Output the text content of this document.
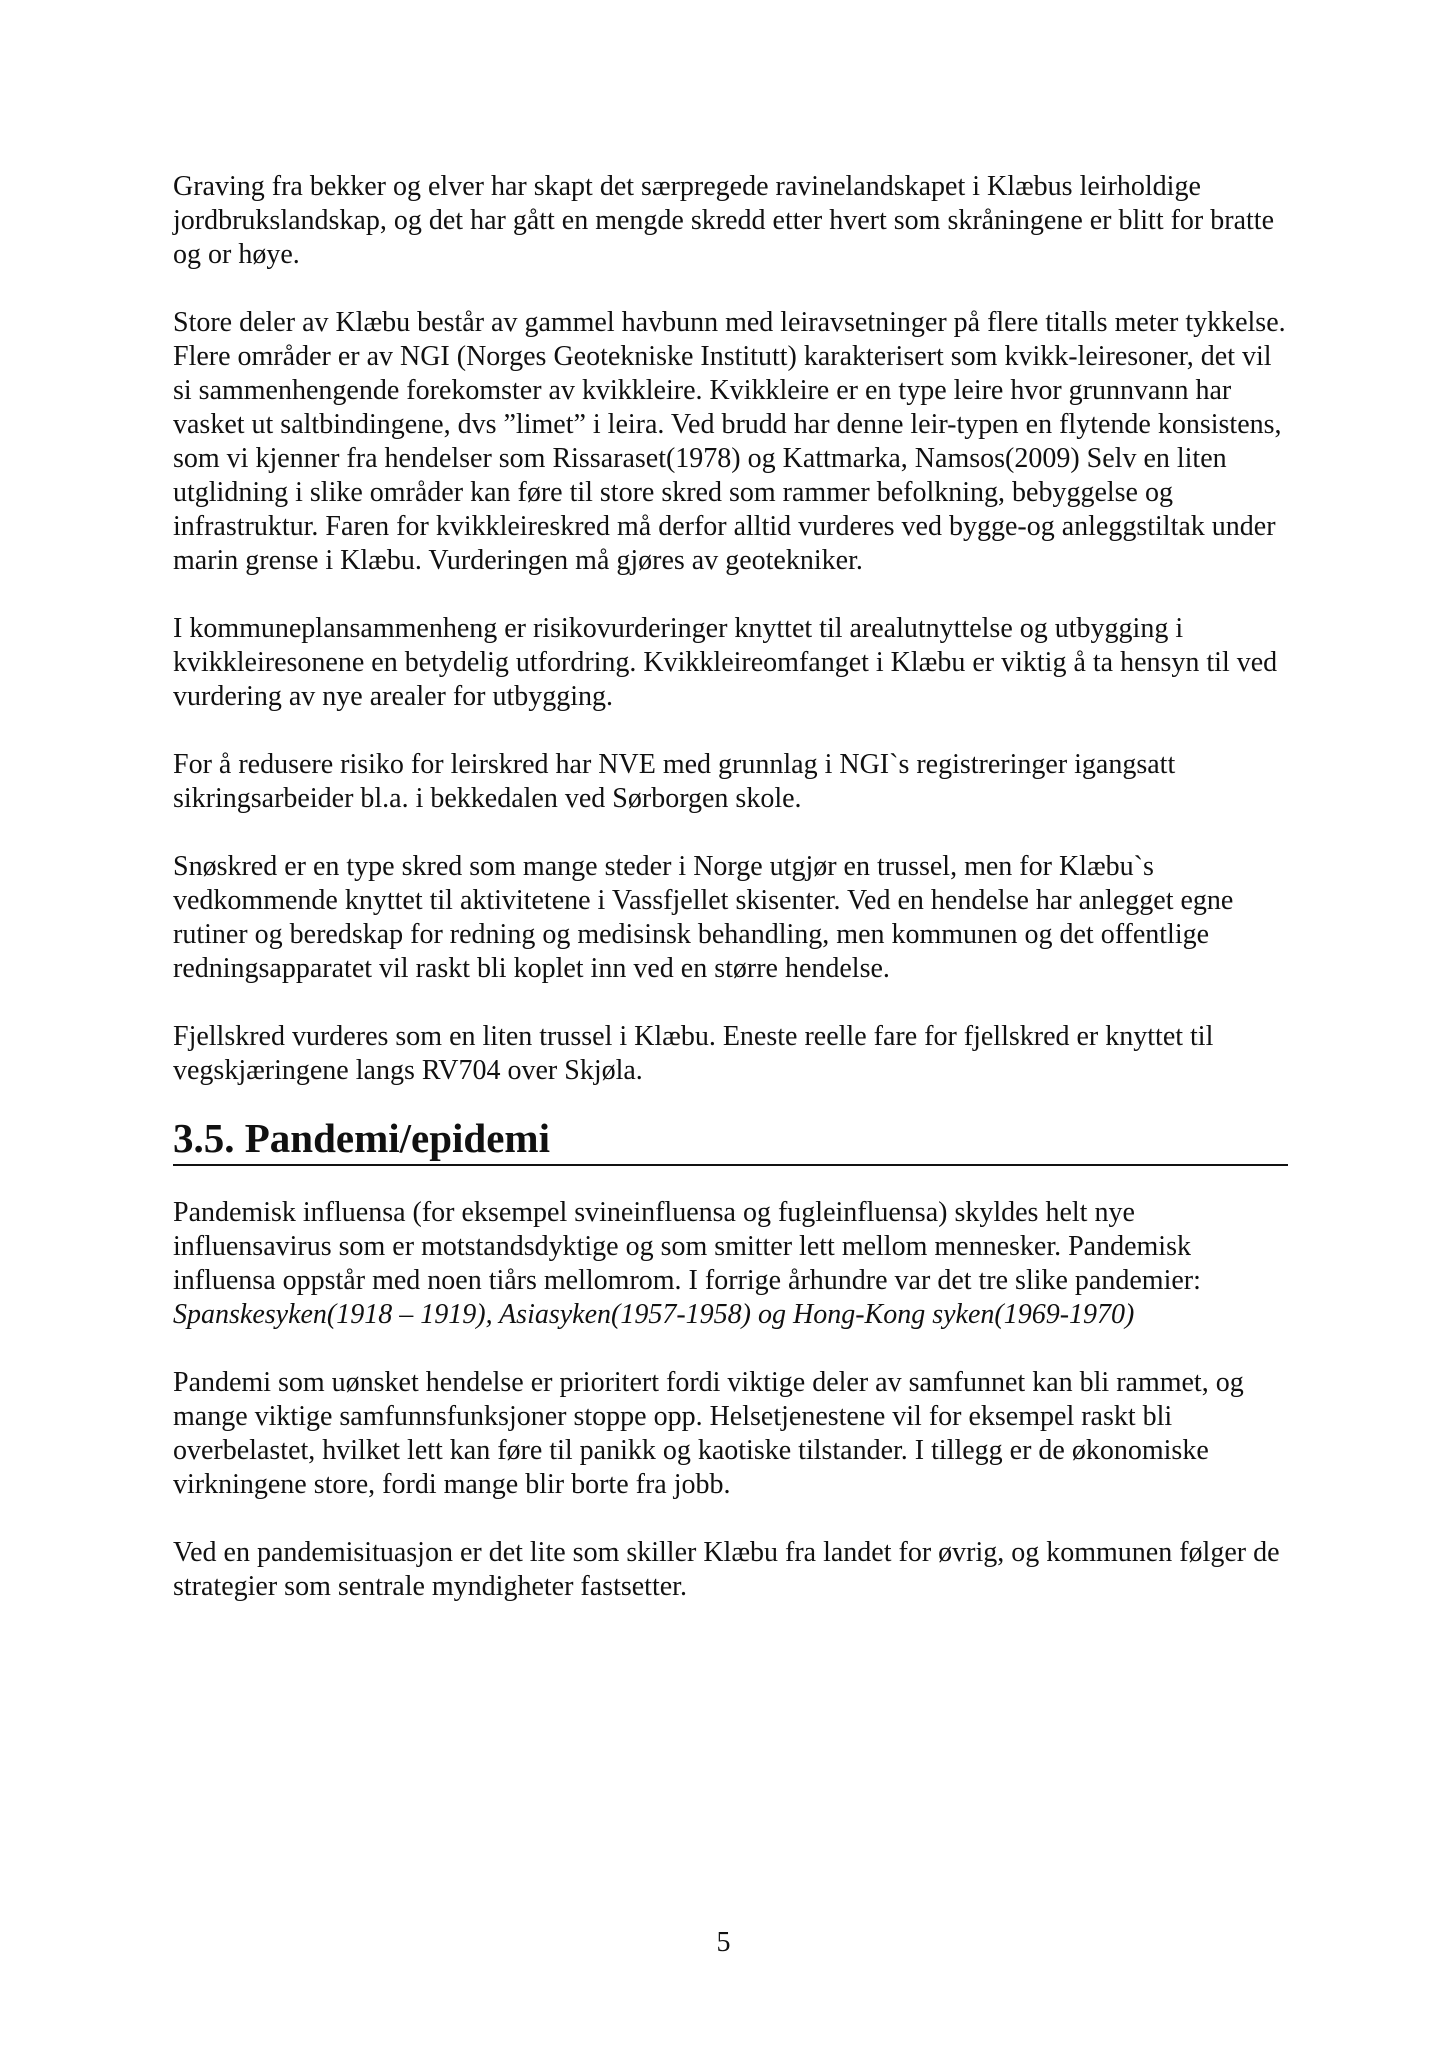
Graving fra bekker og elver har skapt det særpregede ravinelandskapet i Klæbus leirholdige jordbrukslandskap, og det har gått en mengde skredd etter hvert som skråningene er blitt for bratte og or høye.

Store deler av Klæbu består av gammel havbunn med leiravsetninger på flere titalls meter tykkelse. Flere områder er av NGI (Norges Geotekniske Institutt) karakterisert som kvikk-leiresoner, det vil si sammenhengende forekomster av kvikkleire. Kvikkleire er en type leire hvor grunnvann har vasket ut saltbindingene, dvs ”limet” i leira. Ved brudd har denne leir-typen en flytende konsistens, som vi kjenner fra hendelser som Rissaraset(1978) og Kattmarka, Namsos(2009) Selv en liten utglidning i slike områder kan føre til store skred som rammer befolkning, bebyggelse og infrastruktur. Faren for kvikkleireskred må derfor alltid vurderes ved bygge-og anleggstiltak under marin grense i Klæbu. Vurderingen må gjøres av geotekniker.

I kommuneplansammenheng er risikovurderinger knyttet til arealutnyttelse og utbygging i kvikkleiresonene en betydelig utfordring. Kvikkleireomfanget i Klæbu er viktig å ta hensyn til ved vurdering av nye arealer for utbygging.

For å redusere risiko for leirskred har NVE med grunnlag i NGI`s registreringer igangsatt sikringsarbeider bl.a. i bekkedalen ved Sørborgen skole.

Snøskred er en type skred som mange steder i Norge utgjør en trussel, men for Klæbu`s vedkommende knyttet til aktivitetene i Vassfjellet skisenter. Ved en hendelse har anlegget egne rutiner og beredskap for redning og medisinsk behandling, men kommunen og det offentlige redningsapparatet vil raskt bli koplet inn ved en større hendelse.

Fjellskred vurderes som en liten trussel i Klæbu. Eneste reelle fare for fjellskred er knyttet til vegskjæringene langs RV704 over Skjøla.

3.5. Pandemi/epidemi

Pandemisk influensa (for eksempel svineinfluensa og fugleinfluensa) skyldes helt nye influensavirus som er motstandsdyktige og som smitter lett mellom mennesker. Pandemisk influensa oppstår med noen tiårs mellomrom. I forrige århundre var det tre slike pandemier:
Spanskesyken(1918 – 1919), Asiasyken(1957-1958) og Hong-Kong syken(1969-1970)

Pandemi som uønsket hendelse er prioritert fordi viktige deler av samfunnet kan bli rammet, og mange viktige samfunnsfunksjoner stoppe opp. Helsetjenestene vil for eksempel raskt bli overbelastet, hvilket lett kan føre til panikk og kaotiske tilstander. I tillegg er de økonomiske virkningene store, fordi mange blir borte fra jobb.

Ved en pandemisituasjon er det lite som skiller Klæbu fra landet for øvrig, og kommunen følger de strategier som sentrale myndigheter fastsetter.

5
